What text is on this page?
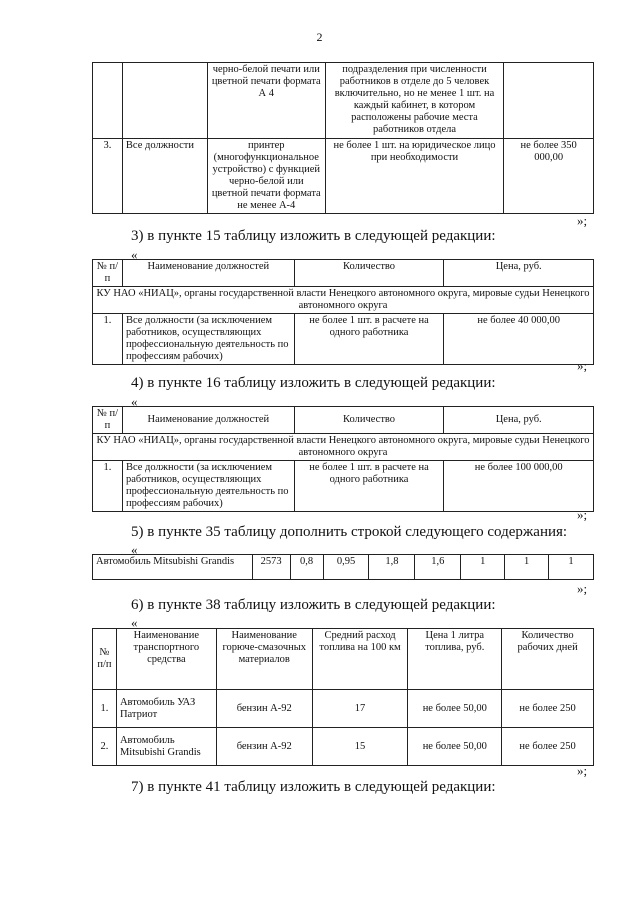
2
		черно-белой печати или цветной печати формата А 4	подразделения при численности работников в отделе до 5 человек включительно, но не менее 1 шт. на каждый кабинет, в котором расположены рабочие места работников отдела	
3.	Все должности	принтер (многофункциональное устройство) с функцией черно-белой или цветной печати формата не менее А-4	не более 1 шт. на юридическое лицо при необходимости	не более 350 000,00
»;
3) в пункте 15 таблицу изложить в следующей редакции:
«
№ п/п	Наименование должностей	Количество	Цена, руб.
КУ НАО «НИАЦ», органы государственной власти Ненецкого автономного округа, мировые судьи Ненецкого автономного округа			
1.	Все должности (за исключением работников, осуществляющих профессиональную деятельность по профессиям рабочих)	не более 1 шт. в расчете на одного работника	не более 40 000,00
»;
4) в пункте 16 таблицу изложить в следующей редакции:
«
№ п/п	Наименование должностей	Количество	Цена, руб.
КУ НАО «НИАЦ», органы государственной власти Ненецкого автономного округа, мировые судьи Ненецкого автономного округа			
1.	Все должности (за исключением работников, осуществляющих профессиональную деятельность по профессиям рабочих)	не более 1 шт. в расчете на одного работника	не более 100 000,00
»;
5) в пункте 35 таблицу дополнить строкой следующего содержания:
«
Автомобиль Mitsubishi Grandis	2573	0,8	0,95	1,8	1,6	1	1	1
»;
6) в пункте 38 таблицу изложить в следующей редакции:
«
№ п/п	Наименование транспортного средства	Наименование горюче-смазочных материалов	Средний расход топлива на 100 км	Цена 1 литра топлива, руб.	Количество рабочих дней
1.	Автомобиль УАЗ Патриот	бензин А-92	17	не более 50,00	не более 250
2.	Автомобиль Mitsubishi Grandis	бензин А-92	15	не более 50,00	не более 250
»;
7) в пункте 41 таблицу изложить в следующей редакции:
